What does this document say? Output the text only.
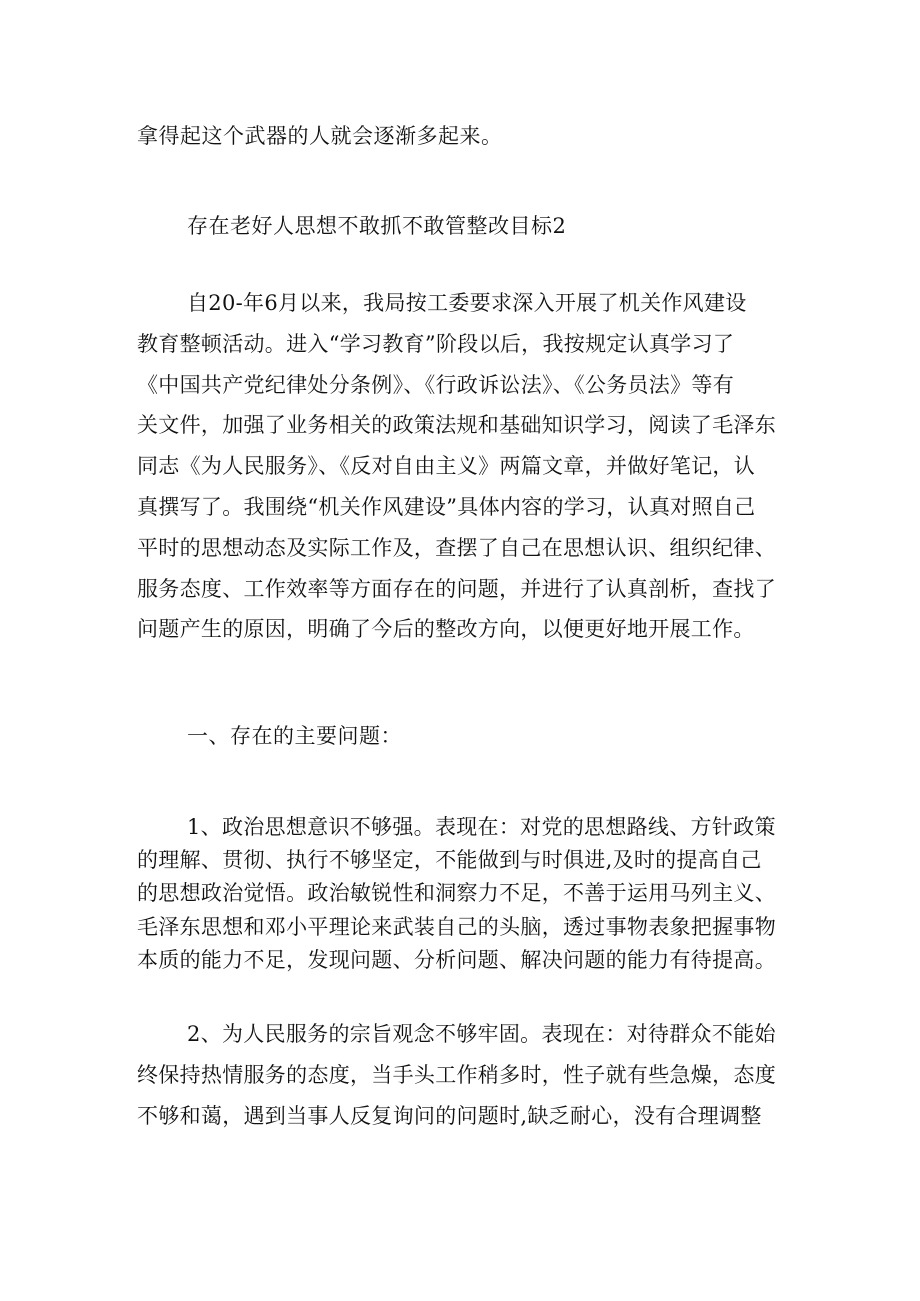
拿得起这个武器的人就会逐渐多起来。
存在老好人思想不敢抓不敢管整改目标2
自20-年6月以来，我局按工委要求深入开展了机关作风建设
教育整顿活动。进入“学习教育”阶段以后，我按规定认真学习了
《中国共产党纪律处分条例》、《行政诉讼法》、《公务员法》等有
关文件，加强了业务相关的政策法规和基础知识学习，阅读了毛泽东
同志《为人民服务》、《反对自由主义》两篇文章，并做好笔记，认
真撰写了。我围绕“机关作风建设”具体内容的学习，认真对照自己
平时的思想动态及实际工作及，查摆了自己在思想认识、组织纪律、
服务态度、工作效率等方面存在的问题，并进行了认真剖析，查找了
问题产生的原因，明确了今后的整改方向，以便更好地开展工作。
一、存在的主要问题：
1、政治思想意识不够强。表现在：对党的思想路线、方针政策
的理解、贯彻、执行不够坚定，不能做到与时俱进,及时的提高自己
的思想政治觉悟。政治敏锐性和洞察力不足，不善于运用马列主义、
毛泽东思想和邓小平理论来武装自己的头脑，透过事物表象把握事物
本质的能力不足，发现问题、分析问题、解决问题的能力有待提高。
2、为人民服务的宗旨观念不够牢固。表现在：对待群众不能始
终保持热情服务的态度，当手头工作稍多时，性子就有些急燥，态度
不够和蔼，遇到当事人反复询问的问题时,缺乏耐心，没有合理调整
